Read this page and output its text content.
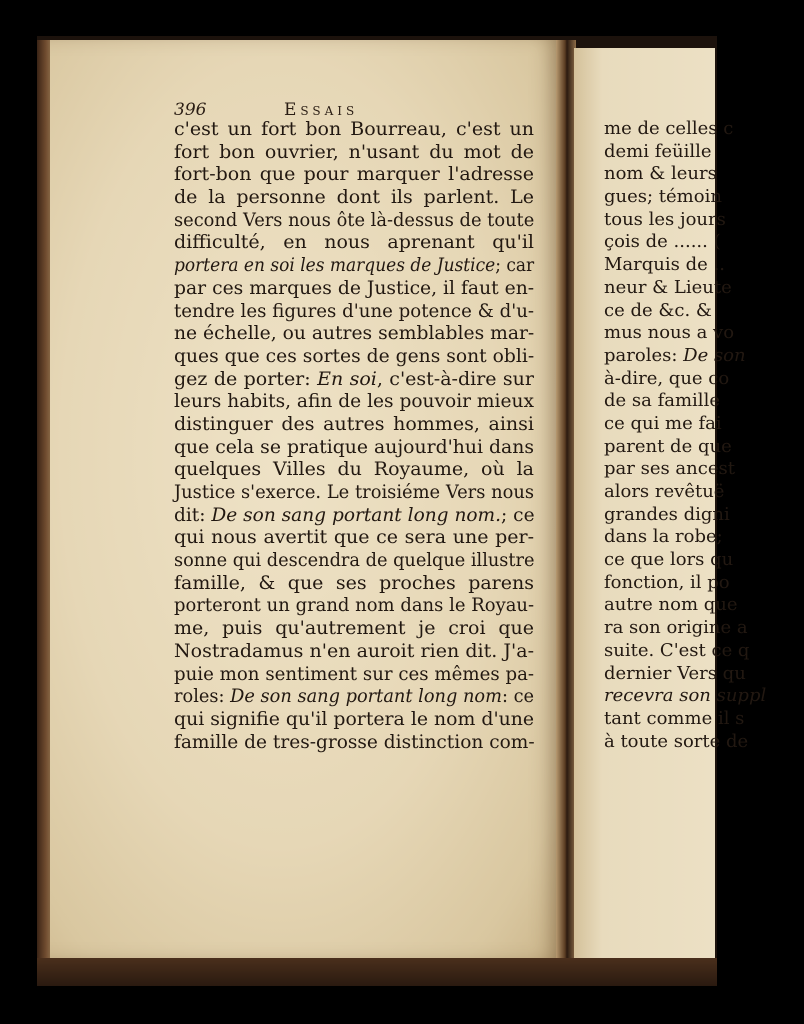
me de celles c
demi feüille
nom & leurs
gues; témoin
tous les jours
çois de ...... (
Marquis de ..
neur & Lieute
ce de &c. &
mus nous a vo
paroles: De son
à-dire, que co
de sa famille
ce qui me fai
parent de que
par ses ancest
alors revêtuë
grandes digni
dans la robe;
ce que lors qu
fonction, il po
autre nom que
ra son origine a
suite. C'est ce q
dernier Vers qu
recevra son suppl
tant comme il s
à toute sorte de
396	Essais
c'est un fort bon Bourreau, c'est un
fort bon ouvrier, n'usant du mot de
fort-bon que pour marquer l'adresse
de la personne dont ils parlent. Le
second Vers nous ôte là-dessus de toute
difficulté, en nous aprenant qu'il
portera en soi les marques de Justice; car
par ces marques de Justice, il faut en-
tendre les figures d'une potence & d'u-
ne échelle, ou autres semblables mar-
ques que ces sortes de gens sont obli-
gez de porter: En soi, c'est-à-dire sur
leurs habits, afin de les pouvoir mieux
distinguer des autres hommes, ainsi
que cela se pratique aujourd'hui dans
quelques Villes du Royaume, où la
Justice s'exerce. Le troisiéme Vers nous
dit: De son sang portant long nom.; ce
qui nous avertit que ce sera une per-
sonne qui descendra de quelque illustre
famille, & que ses proches parens
porteront un grand nom dans le Royau-
me, puis qu'autrement je croi que
Nostradamus n'en auroit rien dit. J'a-
puie mon sentiment sur ces mêmes pa-
roles: De son sang portant long nom: ce
qui signifie qu'il portera le nom d'une
famille de tres-grosse distinction com-
